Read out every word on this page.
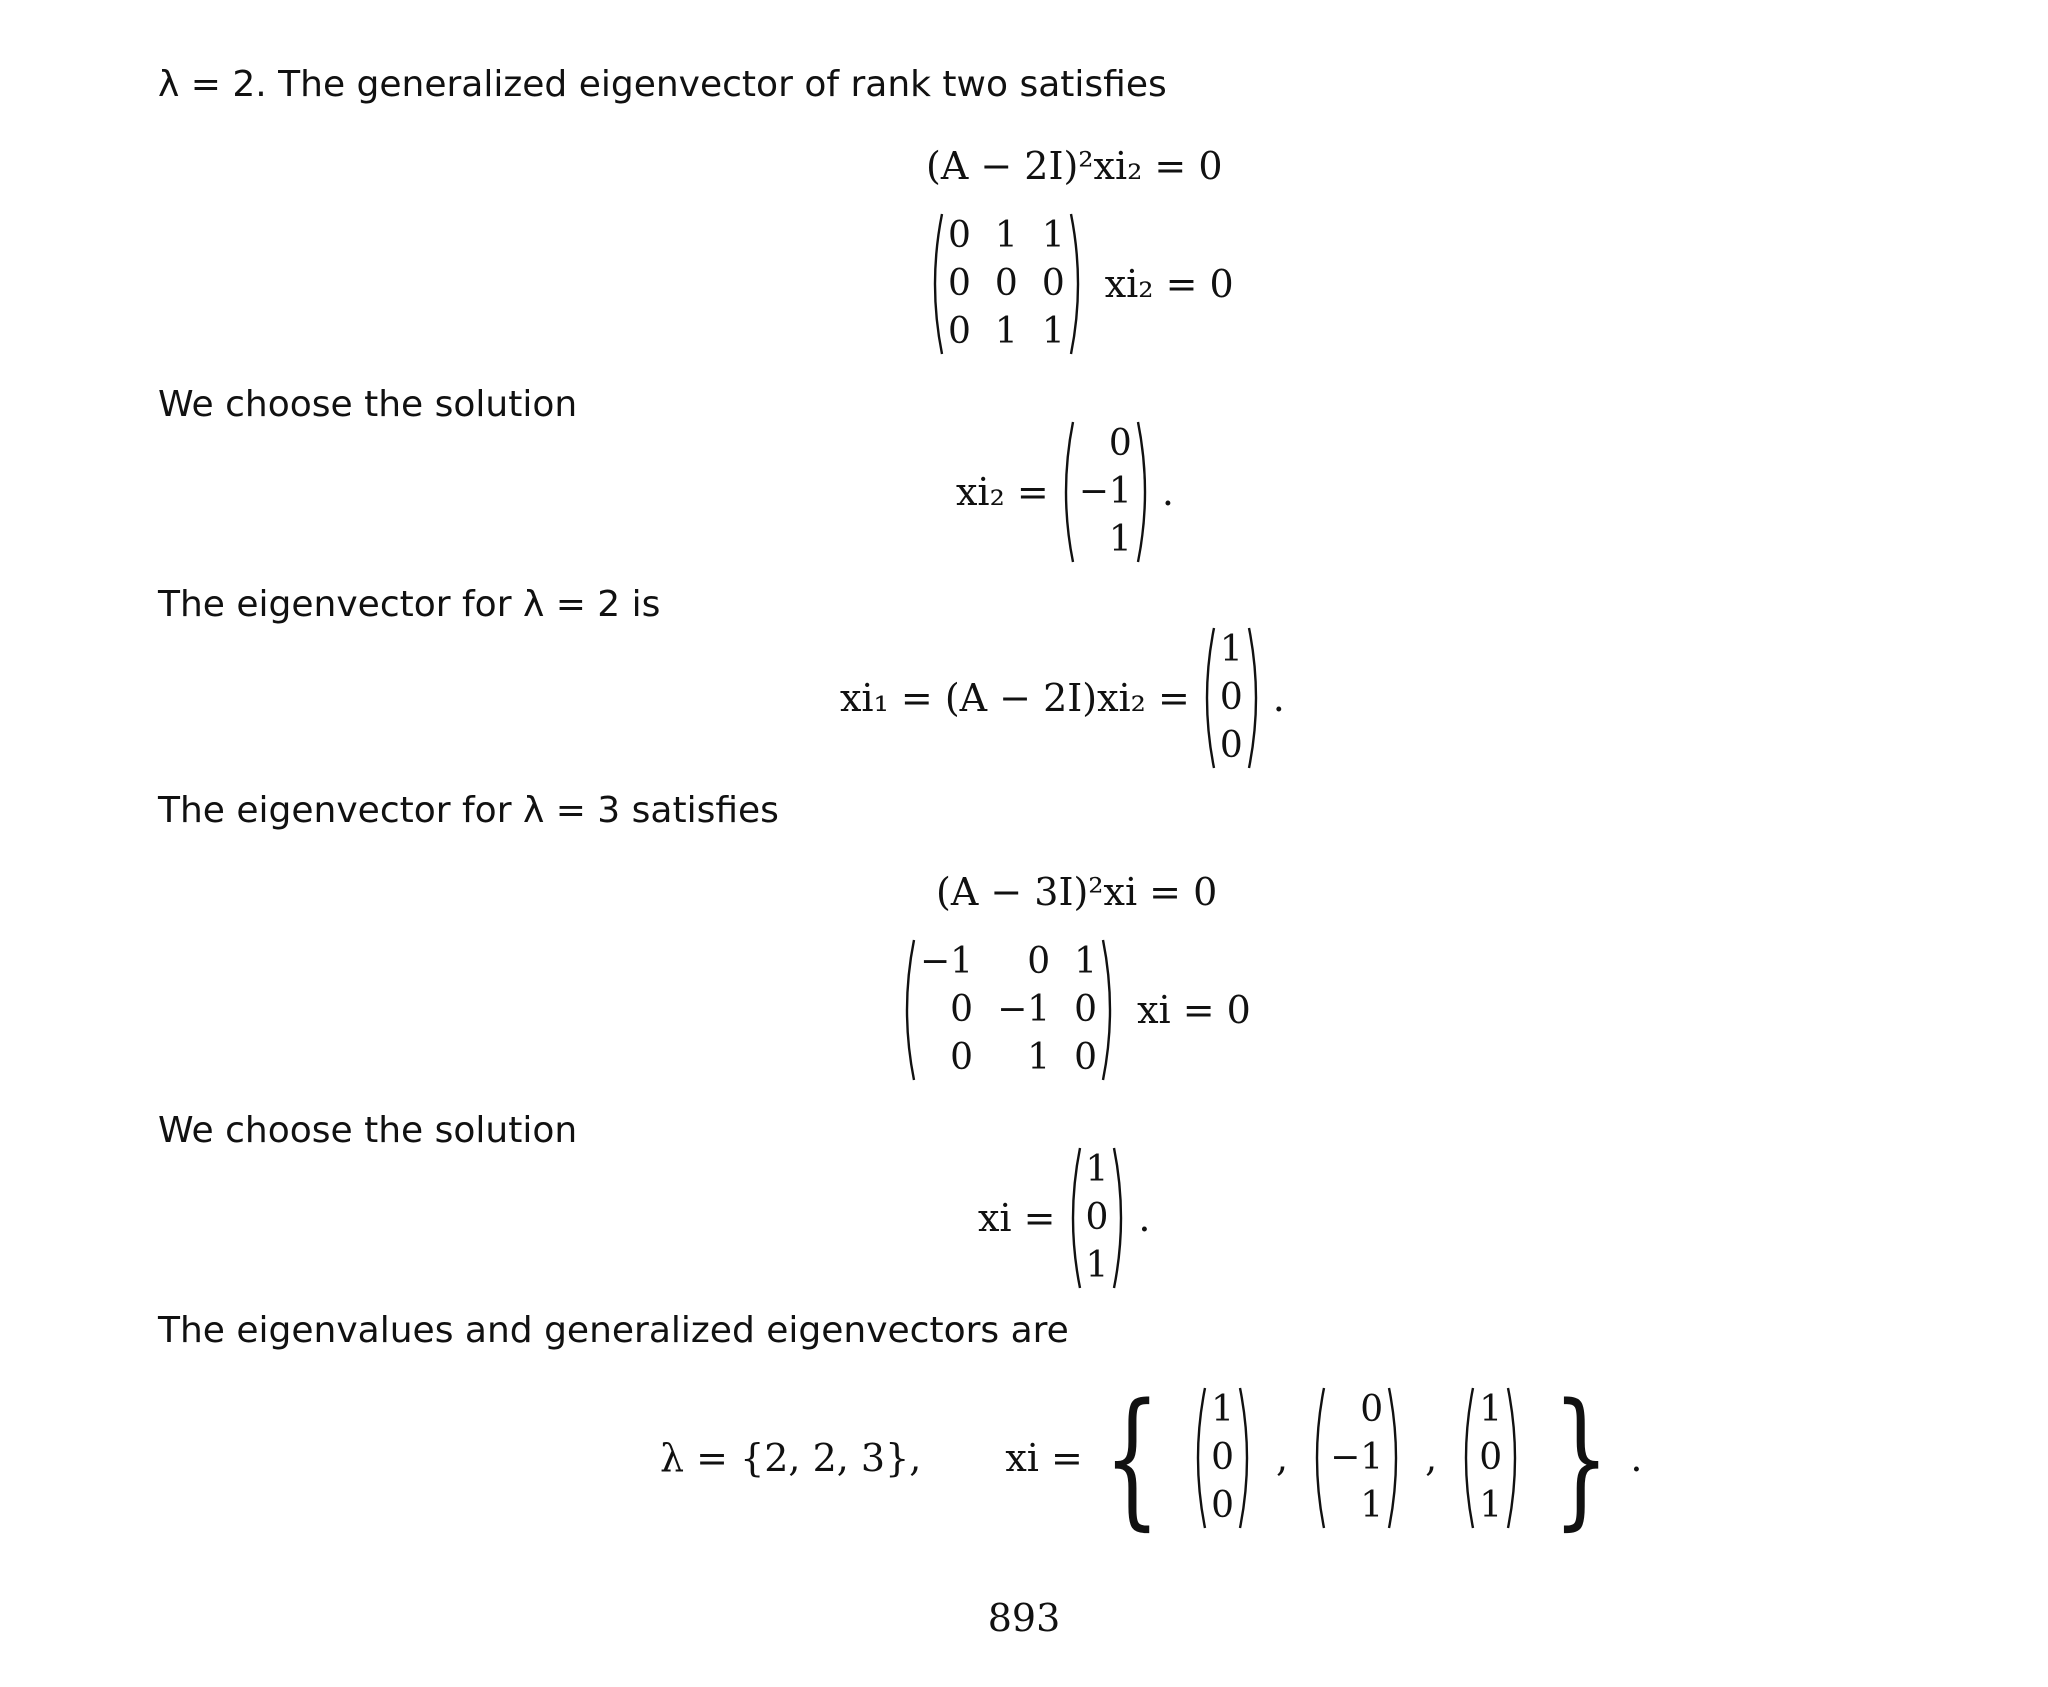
λ = 2. The generalized eigenvector of rank two satisfies
(A − 2I)²xi₂ = 0
0 1 1
0 0 0
0 1 1
xi₂ = 0
We choose the solution
xi₂ =
0
−1
1
.
The eigenvector for λ = 2 is
xi₁ = (A − 2I)xi₂ =
1
0
0
.
The eigenvector for λ = 3 satisfies
(A − 3I)²xi = 0
−1	0 1
0 −1 0
0	1 0
xi = 0
We choose the solution
xi =
1
0
1
.
The eigenvalues and generalized eigenvectors are
λ = {2, 2, 3}, xi = { 1
0
0
,
0
−1
1
,
1
0
1 } .
893
